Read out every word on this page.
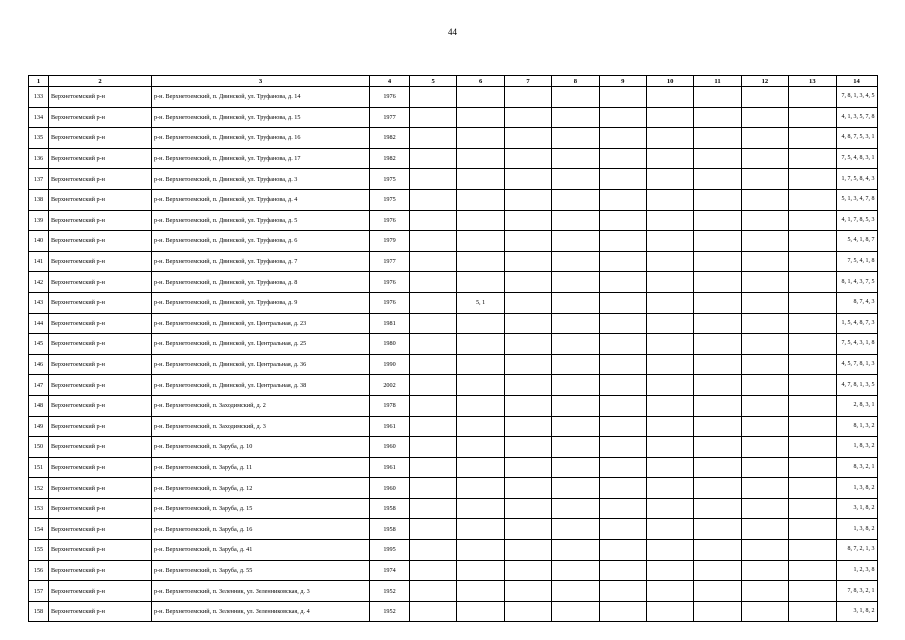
44
1	2	3	4	5	6	7	8	9	10	11	12	13	14
133	Верхнетоемский р-н	р-н. Верхнетоемский, п. Двинской, ул. Труфанова, д. 14	1976										7, 8, 1, 3, 4, 5
134	Верхнетоемский р-н	р-н. Верхнетоемский, п. Двинской, ул. Труфанова, д. 15	1977										4, 1, 3, 5, 7, 8
135	Верхнетоемский р-н	р-н. Верхнетоемский, п. Двинской, ул. Труфанова, д. 16	1982										4, 8, 7, 5, 3, 1
136	Верхнетоемский р-н	р-н. Верхнетоемский, п. Двинской, ул. Труфанова, д. 17	1982										7, 5, 4, 8, 3, 1
137	Верхнетоемский р-н	р-н. Верхнетоемский, п. Двинской, ул. Труфанова, д. 3	1975										1, 7, 5, 8, 4, 3
138	Верхнетоемский р-н	р-н. Верхнетоемский, п. Двинской, ул. Труфанова, д. 4	1975										5, 1, 3, 4, 7, 8
139	Верхнетоемский р-н	р-н. Верхнетоемский, п. Двинской, ул. Труфанова, д. 5	1976										4, 1, 7, 8, 5, 3
140	Верхнетоемский р-н	р-н. Верхнетоемский, п. Двинской, ул. Труфанова, д. 6	1979										5, 4, 1, 8, 7
141	Верхнетоемский р-н	р-н. Верхнетоемский, п. Двинской, ул. Труфанова, д. 7	1977										7, 5, 4, 1, 8
142	Верхнетоемский р-н	р-н. Верхнетоемский, п. Двинской, ул. Труфанова, д. 8	1976										8, 1, 4, 3, 7, 5
143	Верхнетоемский р-н	р-н. Верхнетоемский, п. Двинской, ул. Труфанова, д. 9	1976		5, 1								8, 7, 4, 3
144	Верхнетоемский р-н	р-н. Верхнетоемский, п. Двинской, ул. Центральная, д. 23	1981										1, 5, 4, 8, 7, 3
145	Верхнетоемский р-н	р-н. Верхнетоемский, п. Двинской, ул. Центральная, д. 25	1980										7, 5, 4, 3, 1, 8
146	Верхнетоемский р-н	р-н. Верхнетоемский, п. Двинской, ул. Центральная, д. 36	1990										4, 5, 7, 8, 1, 3
147	Верхнетоемский р-н	р-н. Верхнетоемский, п. Двинской, ул. Центральная, д. 38	2002										4, 7, 8, 1, 3, 5
148	Верхнетоемский р-н	р-н. Верхнетоемский, п. Заходимский, д. 2	1978										2, 8, 3, 1
149	Верхнетоемский р-н	р-н. Верхнетоемский, п. Заходимский, д. 3	1961										8, 1, 3, 2
150	Верхнетоемский р-н	р-н. Верхнетоемский, п. Заруба, д. 10	1960										1, 8, 3, 2
151	Верхнетоемский р-н	р-н. Верхнетоемский, п. Заруба, д. 11	1961										8, 3, 2, 1
152	Верхнетоемский р-н	р-н. Верхнетоемский, п. Заруба, д. 12	1960										1, 3, 8, 2
153	Верхнетоемский р-н	р-н. Верхнетоемский, п. Заруба, д. 15	1958										3, 1, 8, 2
154	Верхнетоемский р-н	р-н. Верхнетоемский, п. Заруба, д. 16	1958										1, 3, 8, 2
155	Верхнетоемский р-н	р-н. Верхнетоемский, п. Заруба, д. 41	1995										8, 7, 2, 1, 3
156	Верхнетоемский р-н	р-н. Верхнетоемский, п. Заруба, д. 55	1974										1, 2, 3, 8
157	Верхнетоемский р-н	р-н. Верхнетоемский, п. Зеленник, ул. Зеленниковская, д. 3	1952										7, 8, 3, 2, 1
158	Верхнетоемский р-н	р-н. Верхнетоемский, п. Зеленник, ул. Зеленниковская, д. 4	1952										3, 1, 8, 2
